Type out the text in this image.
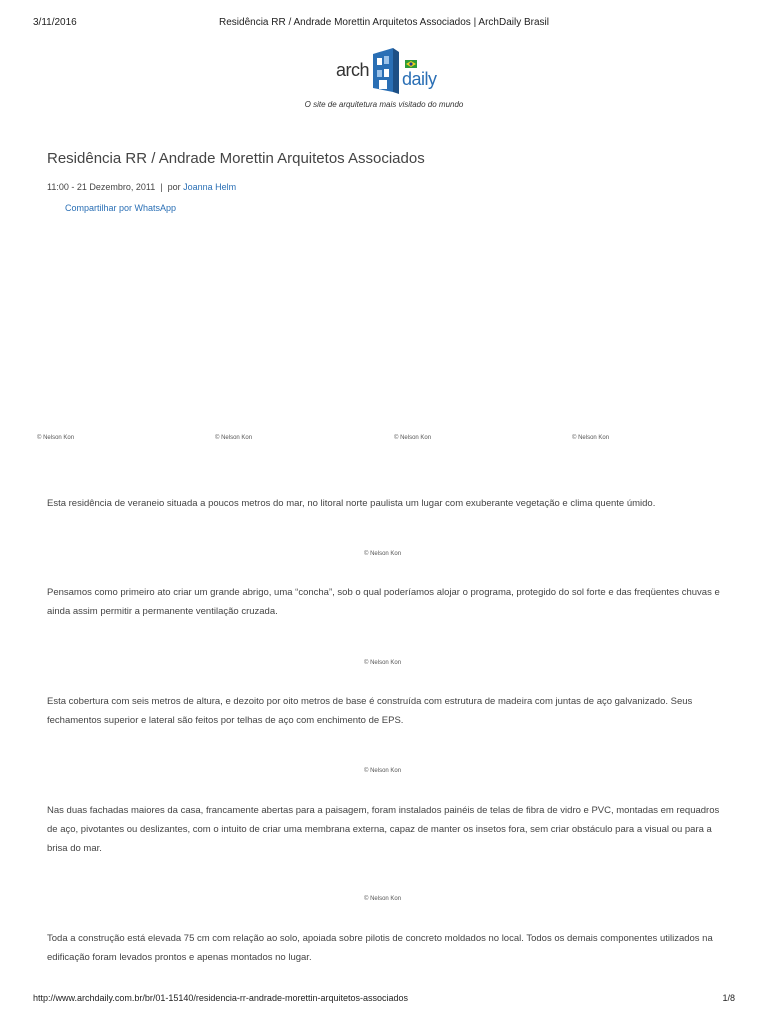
3/11/2016	Residência RR / Andrade Morettin Arquitetos Associados | ArchDaily Brasil
arch daily
O site de arquitetura mais visitado do mundo
Residência RR / Andrade Morettin Arquitetos Associados
11:00 - 21 Dezembro, 2011 | por Joanna Helm
Compartilhar por WhatsApp
© Nelson Kon	© Nelson Kon	© Nelson Kon	© Nelson Kon

Esta residência de veraneio situada a poucos metros do mar, no litoral norte paulista um lugar com exuberante vegetação e clima quente úmido.

© Nelson Kon

Pensamos como primeiro ato criar um grande abrigo, uma “concha”, sob o qual poderíamos alojar o programa, protegido do sol forte e das freqüentes chuvas e ainda assim permitir a permanente ventilação cruzada.

© Nelson Kon

Esta cobertura com seis metros de altura, e dezoito por oito metros de base é construída com estrutura de madeira com juntas de aço galvanizado. Seus fechamentos superior e lateral são feitos por telhas de aço com enchimento de EPS.

© Nelson Kon

Nas duas fachadas maiores da casa, francamente abertas para a paisagem, foram instalados painéis de telas de fibra de vidro e PVC, montadas em requadros de aço, pivotantes ou deslizantes, com o intuito de criar uma membrana externa, capaz de manter os insetos fora, sem criar obstáculo para a visual ou para a brisa do mar.

© Nelson Kon

Toda a construção está elevada 75 cm com relação ao solo, apoiada sobre pilotis de concreto moldados no local. Todos os demais componentes utilizados na edificação foram levados prontos e apenas montados no lugar.

http://www.archdaily.com.br/br/01-15140/residencia-rr-andrade-morettin-arquitetos-associados	1/8
